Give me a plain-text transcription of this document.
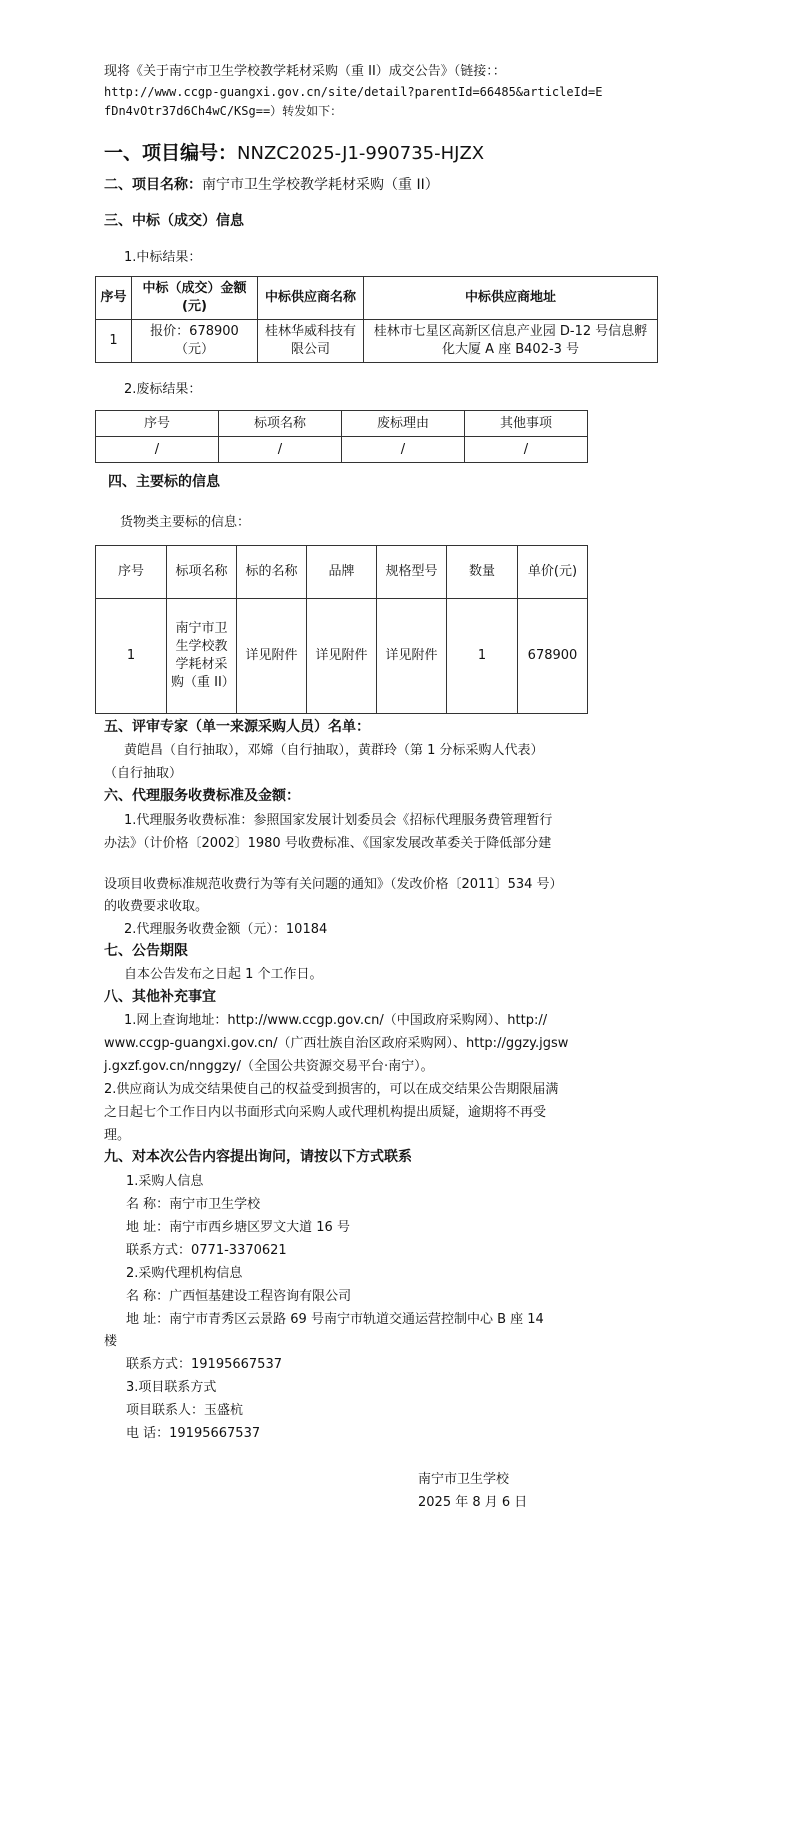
现将《关于南宁市卫生学校教学耗材采购（重 II）成交公告》（链接：：
http://www.ccgp-guangxi.gov.cn/site/detail?parentId=66485&articleId=E
fDn4vOtr37d6Ch4wC/KSg==）转发如下：
一、项目编号：NNZC2025-J1-990735-HJZX
二、项目名称：南宁市卫生学校教学耗材采购（重 II）
三、中标（成交）信息
1.中标结果：
序号	中标（成交）金额(元)	中标供应商名称	中标供应商地址
1	报价：678900（元）	桂林华威科技有限公司	桂林市七星区高新区信息产业园 D-12 号信息孵化大厦 A 座 B402-3 号
2.废标结果：
序号	标项名称	废标理由	其他事项
/	/	/	/
四、主要标的信息
货物类主要标的信息：
序号	标项名称	标的名称	品牌	规格型号	数量	单价(元)
1	南宁市卫生学校教学耗材采购（重 II）	详见附件	详见附件	详见附件	1	678900
五、评审专家（单一来源采购人员）名单：
黄皑昌（自行抽取），邓嫦（自行抽取），黄群玲（第 1 分标采购人代表）
（自行抽取）
六、代理服务收费标准及金额：
1.代理服务收费标准：参照国家发展计划委员会《招标代理服务费管理暂行
办法》（计价格〔2002〕1980 号收费标准、《国家发展改革委关于降低部分建
设项目收费标准规范收费行为等有关问题的通知》（发改价格〔2011〕534 号）
的收费要求收取。
2.代理服务收费金额（元）：10184
七、公告期限
自本公告发布之日起 1 个工作日。
八、其他补充事宜
1.网上查询地址：http://www.ccgp.gov.cn/（中国政府采购网）、http://
www.ccgp-guangxi.gov.cn/（广西壮族自治区政府采购网）、http://ggzy.jgsw
j.gxzf.gov.cn/nnggzy/（全国公共资源交易平台·南宁）。
2.供应商认为成交结果使自己的权益受到损害的，可以在成交结果公告期限届满
之日起七个工作日内以书面形式向采购人或代理机构提出质疑，逾期将不再受
理。
九、对本次公告内容提出询问，请按以下方式联系
1.采购人信息
名 称：南宁市卫生学校
地 址：南宁市西乡塘区罗文大道 16 号
联系方式：0771-3370621
2.采购代理机构信息
名 称：广西恒基建设工程咨询有限公司
地 址：南宁市青秀区云景路 69 号南宁市轨道交通运营控制中心 B 座 14
楼
联系方式：19195667537
3.项目联系方式
项目联系人：玉盛杭
电 话：19195667537
南宁市卫生学校
2025 年 8 月 6 日
